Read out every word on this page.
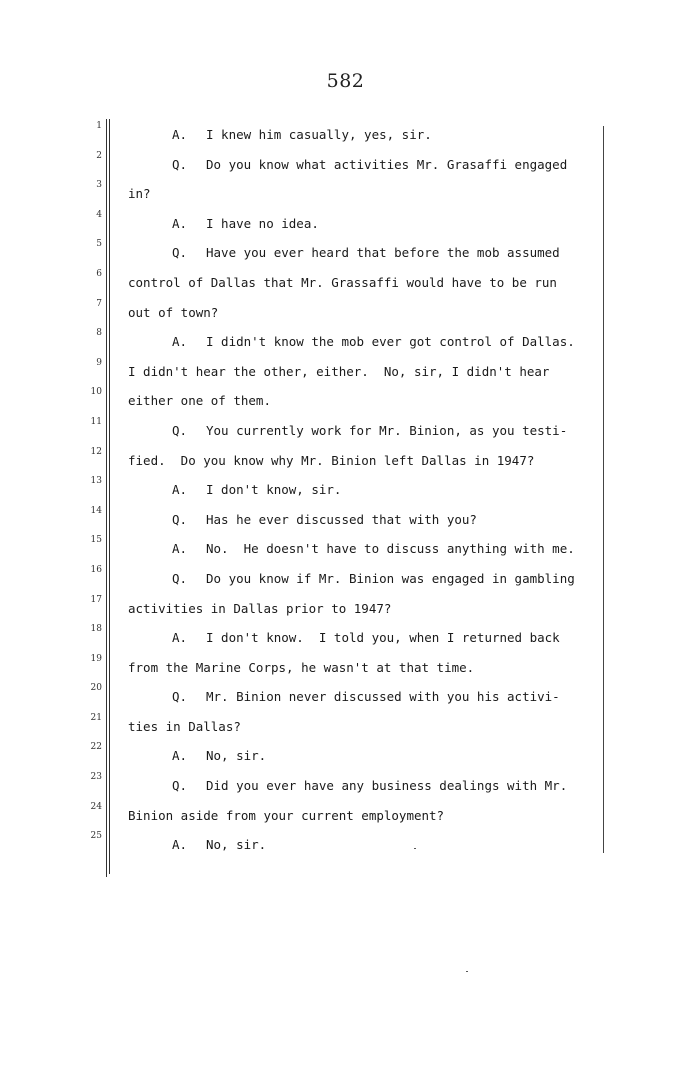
582
1
2
3
4
5
6
7
8
9
10
11
12
13
14
15
16
17
18
19
20
21
22
23
24
25
A. I knew him casually, yes, sir.
Q. Do you know what activities Mr. Grasaffi engaged
in?
A. I have no idea.
Q. Have you ever heard that before the mob assumed
control of Dallas that Mr. Grassaffi would have to be run
out of town?
A. I didn't know the mob ever got control of Dallas.
I didn't hear the other, either.  No, sir, I didn't hear
either one of them.
Q. You currently work for Mr. Binion, as you testi-
fied.  Do you know why Mr. Binion left Dallas in 1947?
A. I don't know, sir.
Q. Has he ever discussed that with you?
A. No.  He doesn't have to discuss anything with me.
Q. Do you know if Mr. Binion was engaged in gambling
activities in Dallas prior to 1947?
A. I don't know.  I told you, when I returned back
from the Marine Corps, he wasn't at that time.
Q. Mr. Binion never discussed with you his activi-
ties in Dallas?
A. No, sir.
Q. Did you ever have any business dealings with Mr.
Binion aside from your current employment?
A. No, sir.
